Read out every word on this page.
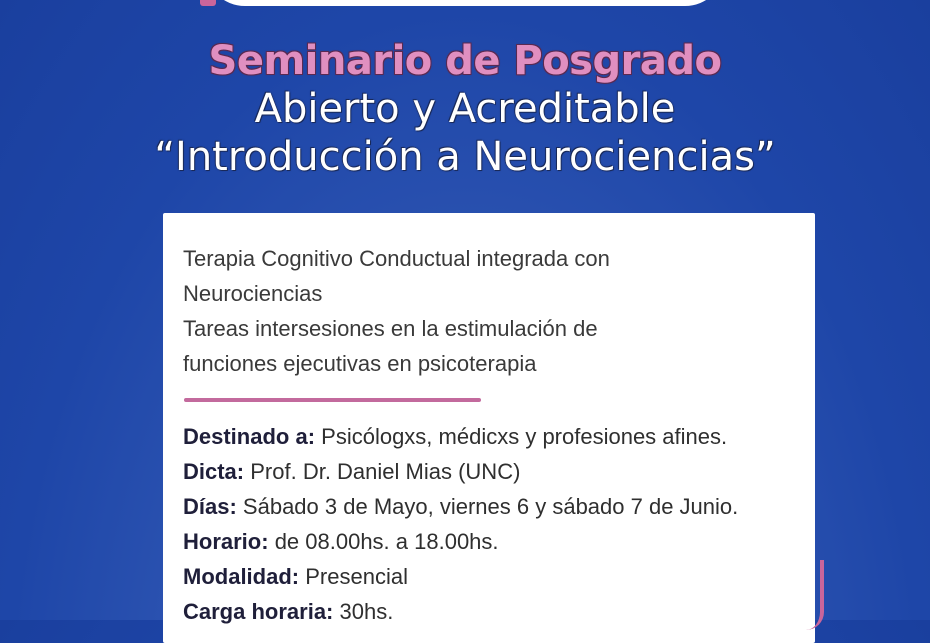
Seminario de Posgrado
Abierto y Acreditable
“Introducción a Neurociencias”
Terapia Cognitivo Conductual integrada con
Neurociencias
Tareas intersesiones en la estimulación de
funciones ejecutivas en psicoterapia
Destinado a: Psicólogxs, médicxs y profesiones afines.
Dicta: Prof. Dr. Daniel Mias (UNC)
Días: Sábado 3 de Mayo, viernes 6 y sábado 7 de Junio.
Horario: de 08.00hs. a 18.00hs.
Modalidad: Presencial
Carga horaria: 30hs.
